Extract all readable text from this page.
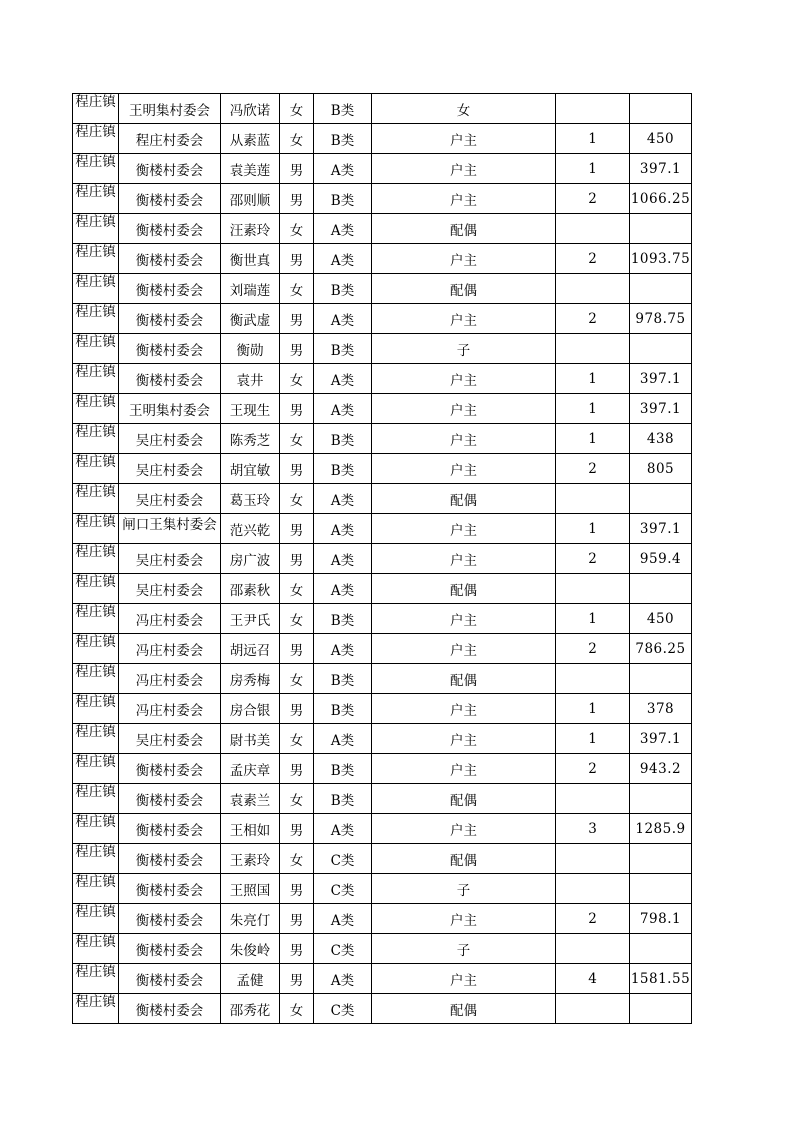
程庄镇	王明集村委会	冯欣诺	女	B类	女		

程庄镇	程庄村委会	从素蓝	女	B类	户主	1	450

程庄镇	衡楼村委会	袁美莲	男	A类	户主	1	397.1

程庄镇	衡楼村委会	邵则顺	男	B类	户主	2	1066.25

程庄镇	衡楼村委会	汪素玲	女	A类	配偶		

程庄镇	衡楼村委会	衡世真	男	A类	户主	2	1093.75

程庄镇	衡楼村委会	刘瑞莲	女	B类	配偶		

程庄镇	衡楼村委会	衡武虚	男	A类	户主	2	978.75

程庄镇	衡楼村委会	衡勋	男	B类	子		

程庄镇	衡楼村委会	袁井	女	A类	户主	1	397.1

程庄镇	王明集村委会	王现生	男	A类	户主	1	397.1

程庄镇	吴庄村委会	陈秀芝	女	B类	户主	1	438

程庄镇	吴庄村委会	胡宜敏	男	B类	户主	2	805

程庄镇	吴庄村委会	葛玉玲	女	A类	配偶		

程庄镇	闸口王集村委会	范兴乾	男	A类	户主	1	397.1

程庄镇	吴庄村委会	房广波	男	A类	户主	2	959.4

程庄镇	吴庄村委会	邵素秋	女	A类	配偶		

程庄镇	冯庄村委会	王尹氏	女	B类	户主	1	450

程庄镇	冯庄村委会	胡远召	男	A类	户主	2	786.25

程庄镇	冯庄村委会	房秀梅	女	B类	配偶		

程庄镇	冯庄村委会	房合银	男	B类	户主	1	378

程庄镇	吴庄村委会	尉书美	女	A类	户主	1	397.1

程庄镇	衡楼村委会	孟庆章	男	B类	户主	2	943.2

程庄镇	衡楼村委会	袁素兰	女	B类	配偶		

程庄镇	衡楼村委会	王相如	男	A类	户主	3	1285.9

程庄镇	衡楼村委会	王素玲	女	C类	配偶		

程庄镇	衡楼村委会	王照国	男	C类	子		

程庄镇	衡楼村委会	朱亮仃	男	A类	户主	2	798.1

程庄镇	衡楼村委会	朱俊岭	男	C类	子		

程庄镇	衡楼村委会	孟健	男	A类	户主	4	1581.55

程庄镇	衡楼村委会	邵秀花	女	C类	配偶		
